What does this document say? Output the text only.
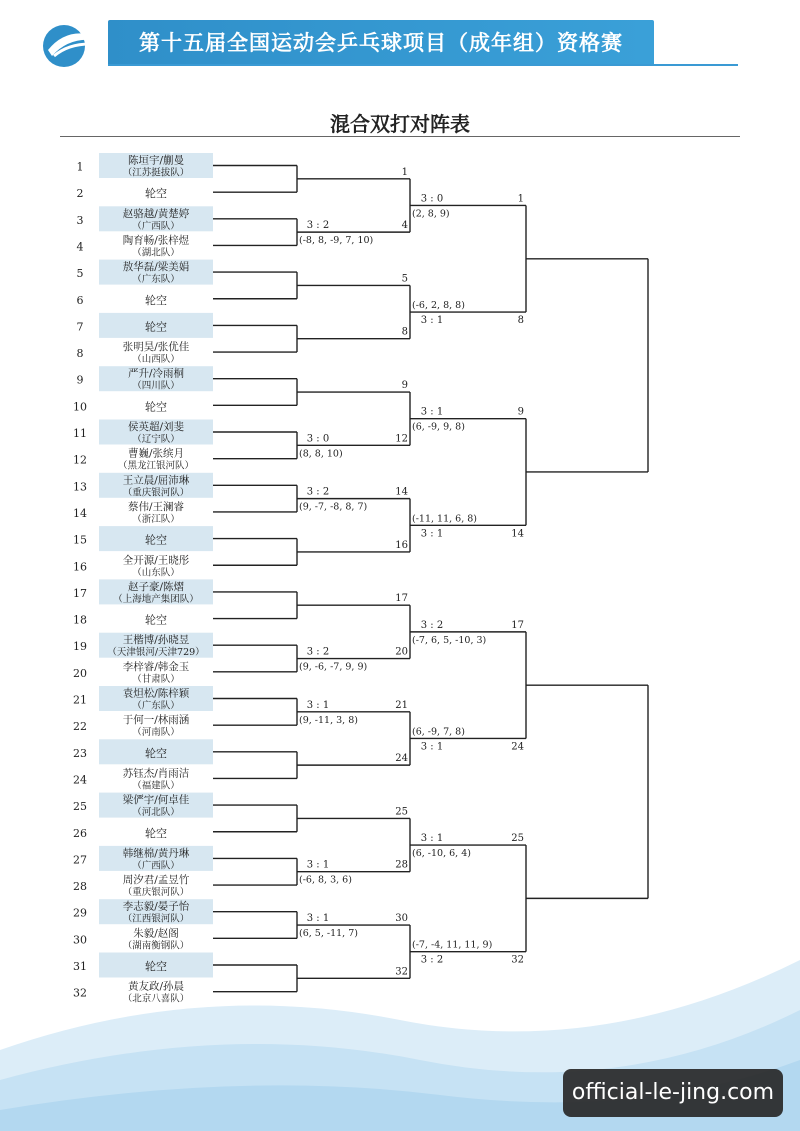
第十五届全国运动会乒乓球项目（成年组）资格赛
混合双打对阵表
1	陈垣宇/蒯曼
（江苏挺拔队）
2	轮空
3	赵骆越/黄楚婷
（广西队）
4	陶育畅/张梓煜
（湖北队）
5	敖华磊/梁美娟
（广东队）
6	轮空
7	轮空
8	张明昊/张优佳
（山西队）
9	严升/冷雨桐
（四川队）
10	轮空
11	侯英超/刘斐
（辽宁队）
12	曹巍/张缤月
（黑龙江银河队）
13	王立晨/屈沛琳
（重庆银河队）
14	蔡伟/王澜睿
（浙江队）
15	轮空
16	全开源/王晓彤
（山东队）
17	赵子豪/陈熠
（上海地产集团队）
18	轮空
19	王楷博/孙晓昱
（天津银河/天津729）
20	李梓睿/韩金玉
（甘肃队）
21	袁炟松/陈梓颖
（广东队）
22	于何一/林雨涵
（河南队）
23	轮空
24	苏钰杰/肖雨洁
（福建队）
25	梁俨宇/何卓佳
（河北队）
26	轮空
27	韩继棉/黄丹琳
（广西队）
28	周汐君/孟昱竹
（重庆银河队）
29	李志毅/晏子怡
（江西银河队）
30	朱毅/赵阁
（湖南衡钢队）
31	轮空
32	黄友政/孙晨
（北京八喜队）
1
4
3 : 2
(-8, 8, -9, 7, 10)
5
8
9
12
3 : 0
(8, 8, 10)
14
3 : 2
(9, -7, -8, 8, 7)
16
17
20
3 : 2
(9, -6, -7, 9, 9)
21
3 : 1
(9, -11, 3, 8)
24
25
28
3 : 1
(-6, 8, 3, 6)
30
3 : 1
(6, 5, -11, 7)
32
1
3 : 0
(2, 8, 9)
(-6, 2, 8, 8)
3 : 1	8
9
3 : 1
(6, -9, 9, 8)
(-11, 11, 6, 8)
3 : 1	14
17
3 : 2
(-7, 6, 5, -10, 3)
(6, -9, 7, 8)
3 : 1	24
25
3 : 1
(6, -10, 6, 4)
(-7, -4, 11, 11, 9)
3 : 2	32
official-le-jing.com
